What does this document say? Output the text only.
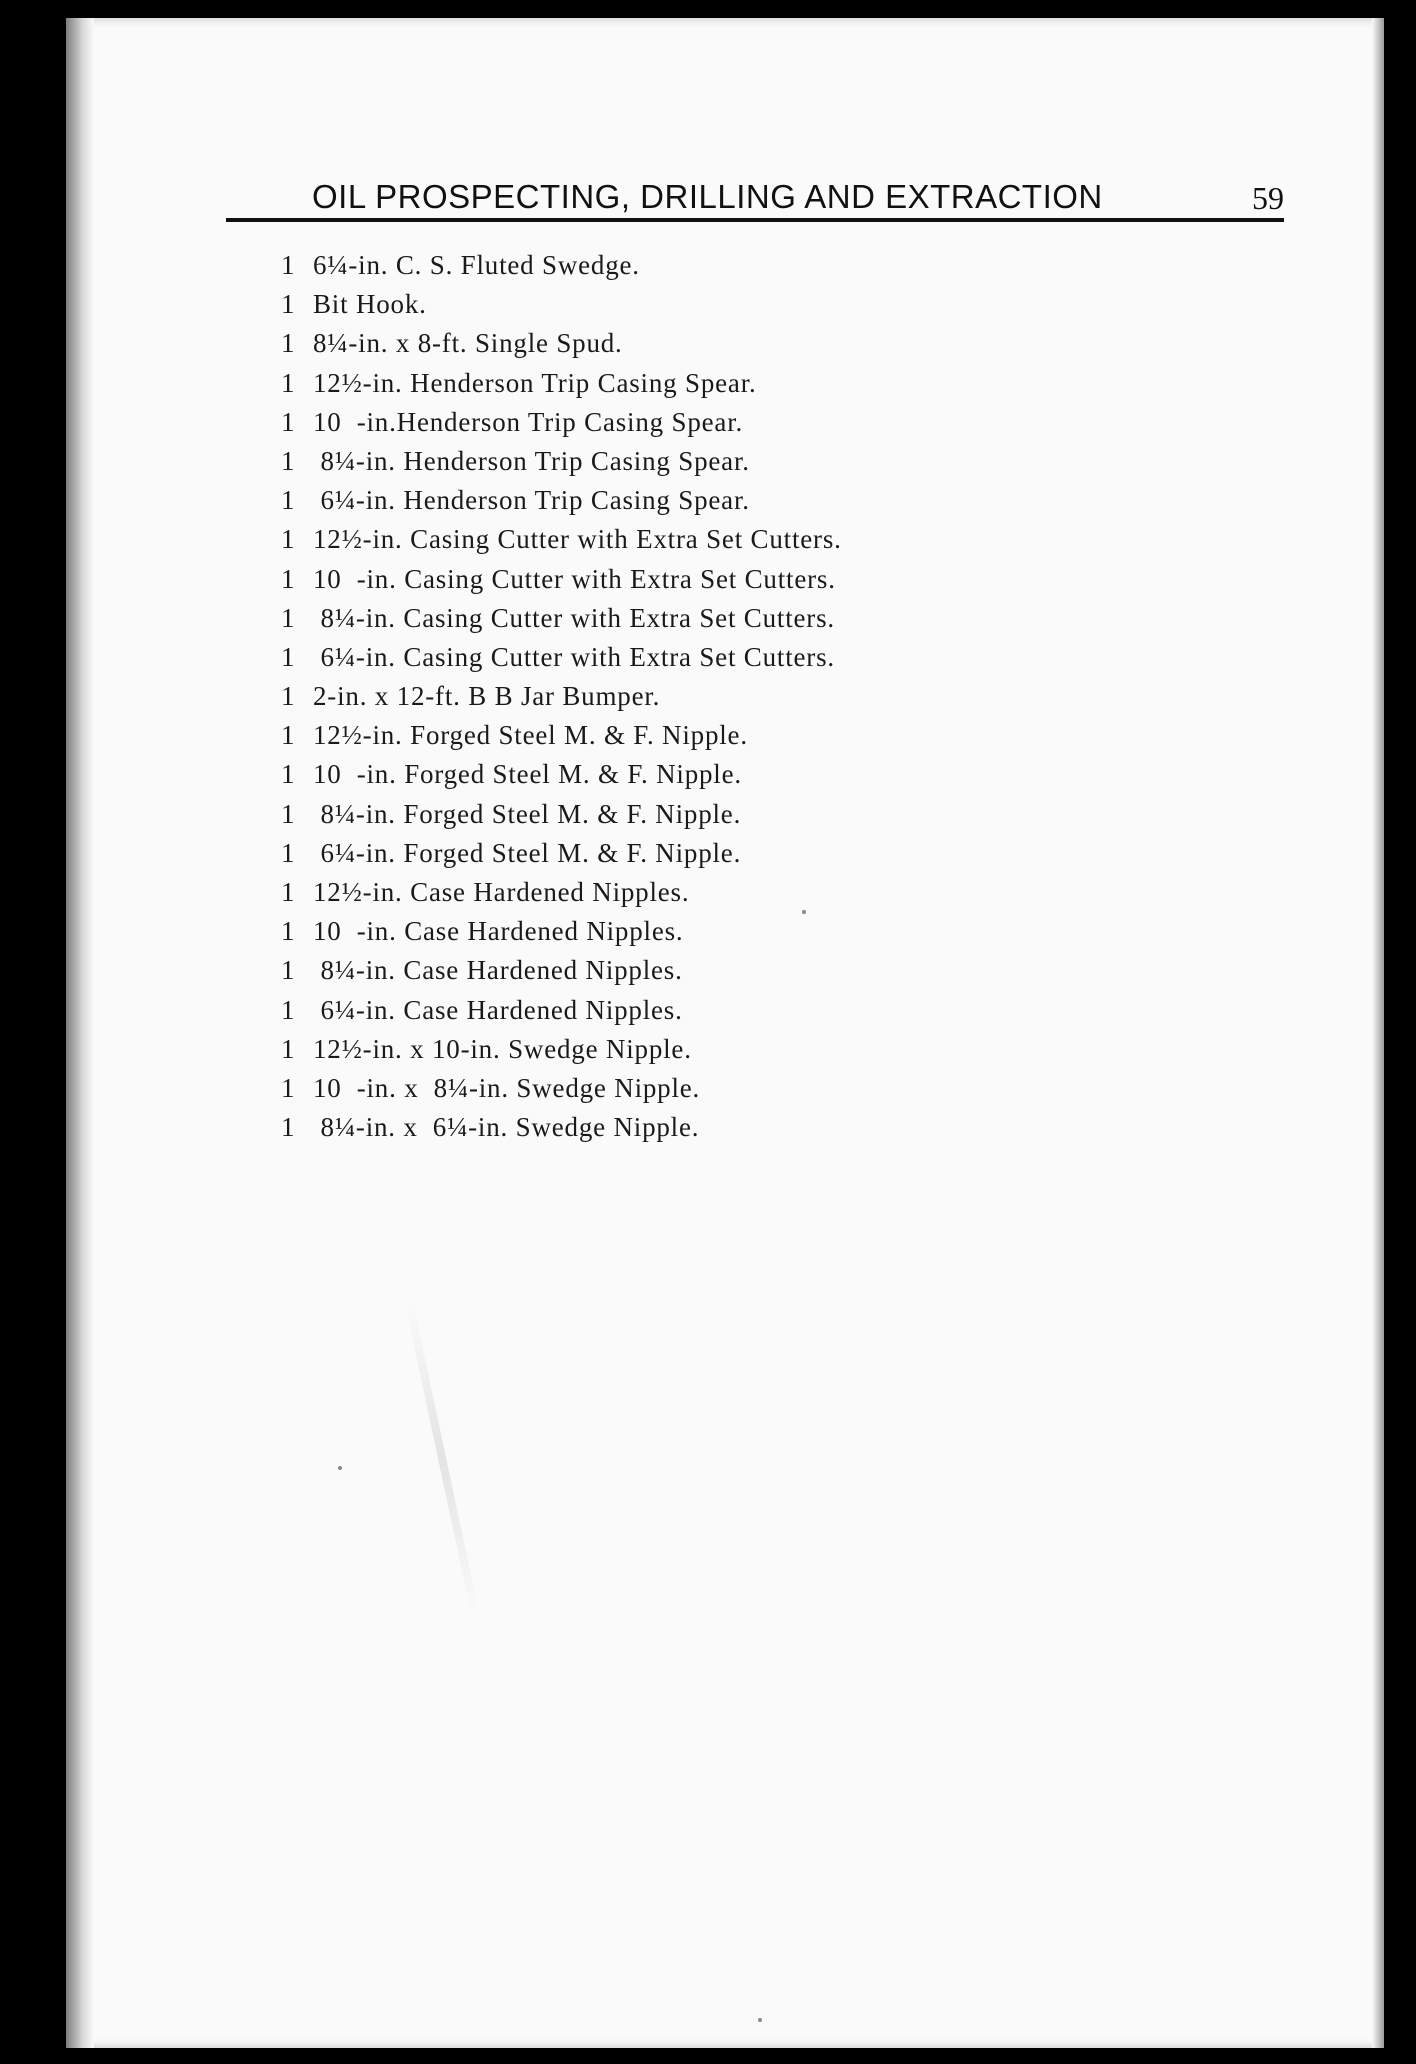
OIL PROSPECTING, DRILLING AND EXTRACTION	59
1 6¼-in. C. S. Fluted Swedge.
1 Bit Hook.
1 8¼-in. x 8-ft. Single Spud.
1 12½-in. Henderson Trip Casing Spear.
1 10  -in.Henderson Trip Casing Spear.
1 8¼-in. Henderson Trip Casing Spear.
1 6¼-in. Henderson Trip Casing Spear.
1 12½-in. Casing Cutter with Extra Set Cutters.
1 10  -in. Casing Cutter with Extra Set Cutters.
1 8¼-in. Casing Cutter with Extra Set Cutters.
1 6¼-in. Casing Cutter with Extra Set Cutters.
1 2-in. x 12-ft. B B Jar Bumper.
1 12½-in. Forged Steel M. & F. Nipple.
1 10  -in. Forged Steel M. & F. Nipple.
1 8¼-in. Forged Steel M. & F. Nipple.
1 6¼-in. Forged Steel M. & F. Nipple.
1 12½-in. Case Hardened Nipples.
1 10  -in. Case Hardened Nipples.
1 8¼-in. Case Hardened Nipples.
1 6¼-in. Case Hardened Nipples.
1 12½-in. x 10-in. Swedge Nipple.
1 10  -in. x  8¼-in. Swedge Nipple.
1 8¼-in. x  6¼-in. Swedge Nipple.
